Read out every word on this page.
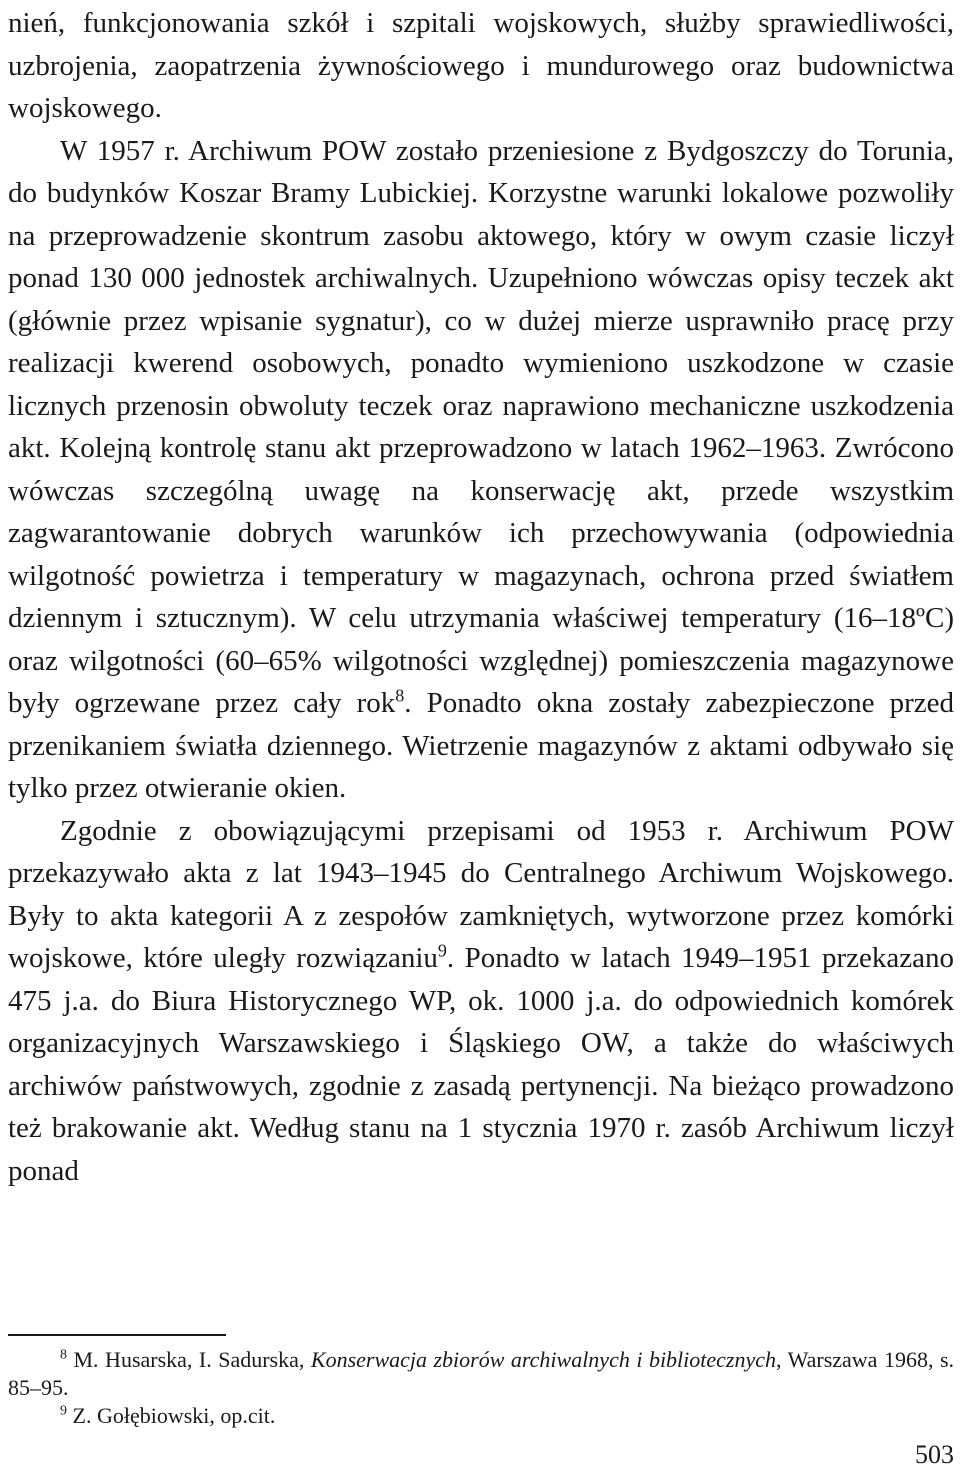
nień, funkcjonowania szkół i szpitali wojskowych, służby sprawiedliwości, uzbrojenia, zaopatrzenia żywnościowego i mundurowego oraz budownictwa wojskowego.

W 1957 r. Archiwum POW zostało przeniesione z Bydgoszczy do Torunia, do budynków Koszar Bramy Lubickiej. Korzystne warunki lokalowe pozwoliły na przeprowadzenie skontrum zasobu aktowego, który w owym czasie liczył ponad 130 000 jednostek archiwalnych. Uzupełniono wówczas opisy teczek akt (głównie przez wpisanie sygnatur), co w dużej mierze usprawniło pracę przy realizacji kwerend osobowych, ponadto wymieniono uszkodzone w czasie licznych przenosin obwoluty teczek oraz naprawiono mechaniczne uszkodzenia akt. Kolejną kontrolę stanu akt przeprowadzono w latach 1962–1963. Zwrócono wówczas szczególną uwagę na konserwację akt, przede wszystkim zagwarantowanie dobrych warunków ich przechowywania (odpowiednia wilgotność powietrza i temperatury w magazynach, ochrona przed światłem dziennym i sztucznym). W celu utrzymania właściwej temperatury (16–18ºC) oraz wilgotności (60–65% wilgotności względnej) pomieszczenia magazynowe były ogrzewane przez cały rok$^8$. Ponadto okna zostały zabezpieczone przed przenikaniem światła dziennego. Wietrzenie magazynów z aktami odbywało się tylko przez otwieranie okien.

Zgodnie z obowiązującymi przepisami od 1953 r. Archiwum POW przekazywało akta z lat 1943–1945 do Centralnego Archiwum Wojskowego. Były to akta kategorii A z zespołów zamkniętych, wytworzone przez komórki wojskowe, które uległy rozwiązaniu$^9$. Ponadto w latach 1949–1951 przekazano 475 j.a. do Biura Historycznego WP, ok. 1000 j.a. do odpowiednich komórek organizacyjnych Warszawskiego i Śląskiego OW, a także do właściwych archiwów państwowych, zgodnie z zasadą pertynencji. Na bieżąco prowadzono też brakowanie akt. Według stanu na 1 stycznia 1970 r. zasób Archiwum liczył ponad

$^8$ M. Husarska, I. Sadurska, Konserwacja zbiorów archiwalnych i bibliotecznych, Warszawa 1968, s. 85–95.

$^9$ Z. Gołębiowski, op.cit.

503
